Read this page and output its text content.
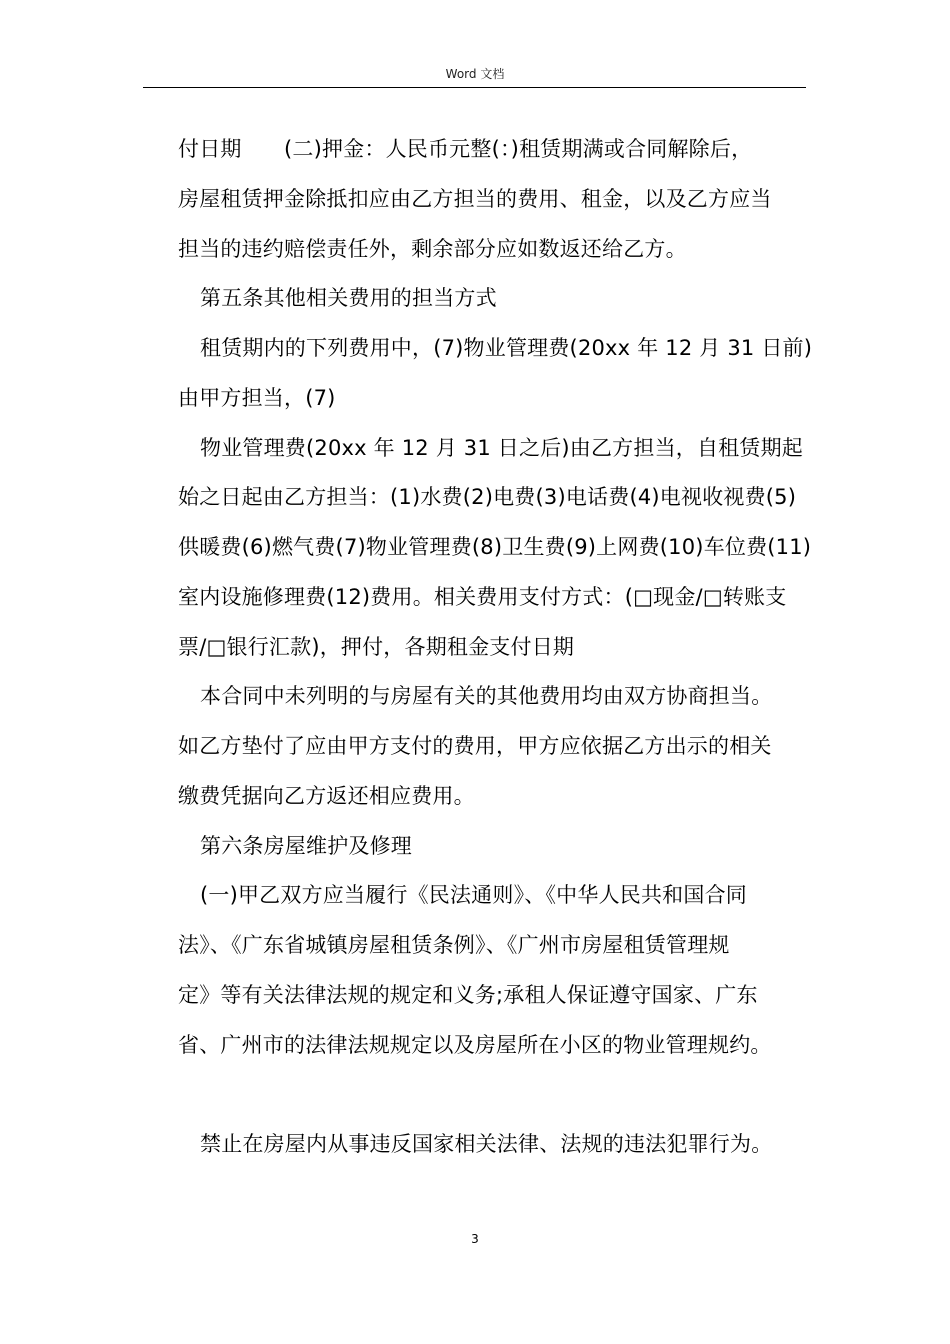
Word 文档
付日期　　(二)押金：人民币元整(：)租赁期满或合同解除后，
房屋租赁押金除抵扣应由乙方担当的费用、租金，以及乙方应当
担当的违约赔偿责任外，剩余部分应如数返还给乙方。
第五条其他相关费用的担当方式
租赁期内的下列费用中，(7)物业管理费(20xx 年 12 月 31 日前)
由甲方担当，(7)
物业管理费(20xx 年 12 月 31 日之后)由乙方担当，自租赁期起
始之日起由乙方担当：(1)水费(2)电费(3)电话费(4)电视收视费(5)
供暖费(6)燃气费(7)物业管理费(8)卫生费(9)上网费(10)车位费(11)
室内设施修理费(12)费用。相关费用支付方式：(□现金/□转账支
票/□银行汇款)，押付，各期租金支付日期
本合同中未列明的与房屋有关的其他费用均由双方协商担当。
如乙方垫付了应由甲方支付的费用，甲方应依据乙方出示的相关
缴费凭据向乙方返还相应费用。
第六条房屋维护及修理
(一)甲乙双方应当履行《民法通则》、《中华人民共和国合同
法》、《广东省城镇房屋租赁条例》、《广州市房屋租赁管理规
定》等有关法律法规的规定和义务;承租人保证遵守国家、广东
省、广州市的法律法规规定以及房屋所在小区的物业管理规约。
禁止在房屋内从事违反国家相关法律、法规的违法犯罪行为。
3
